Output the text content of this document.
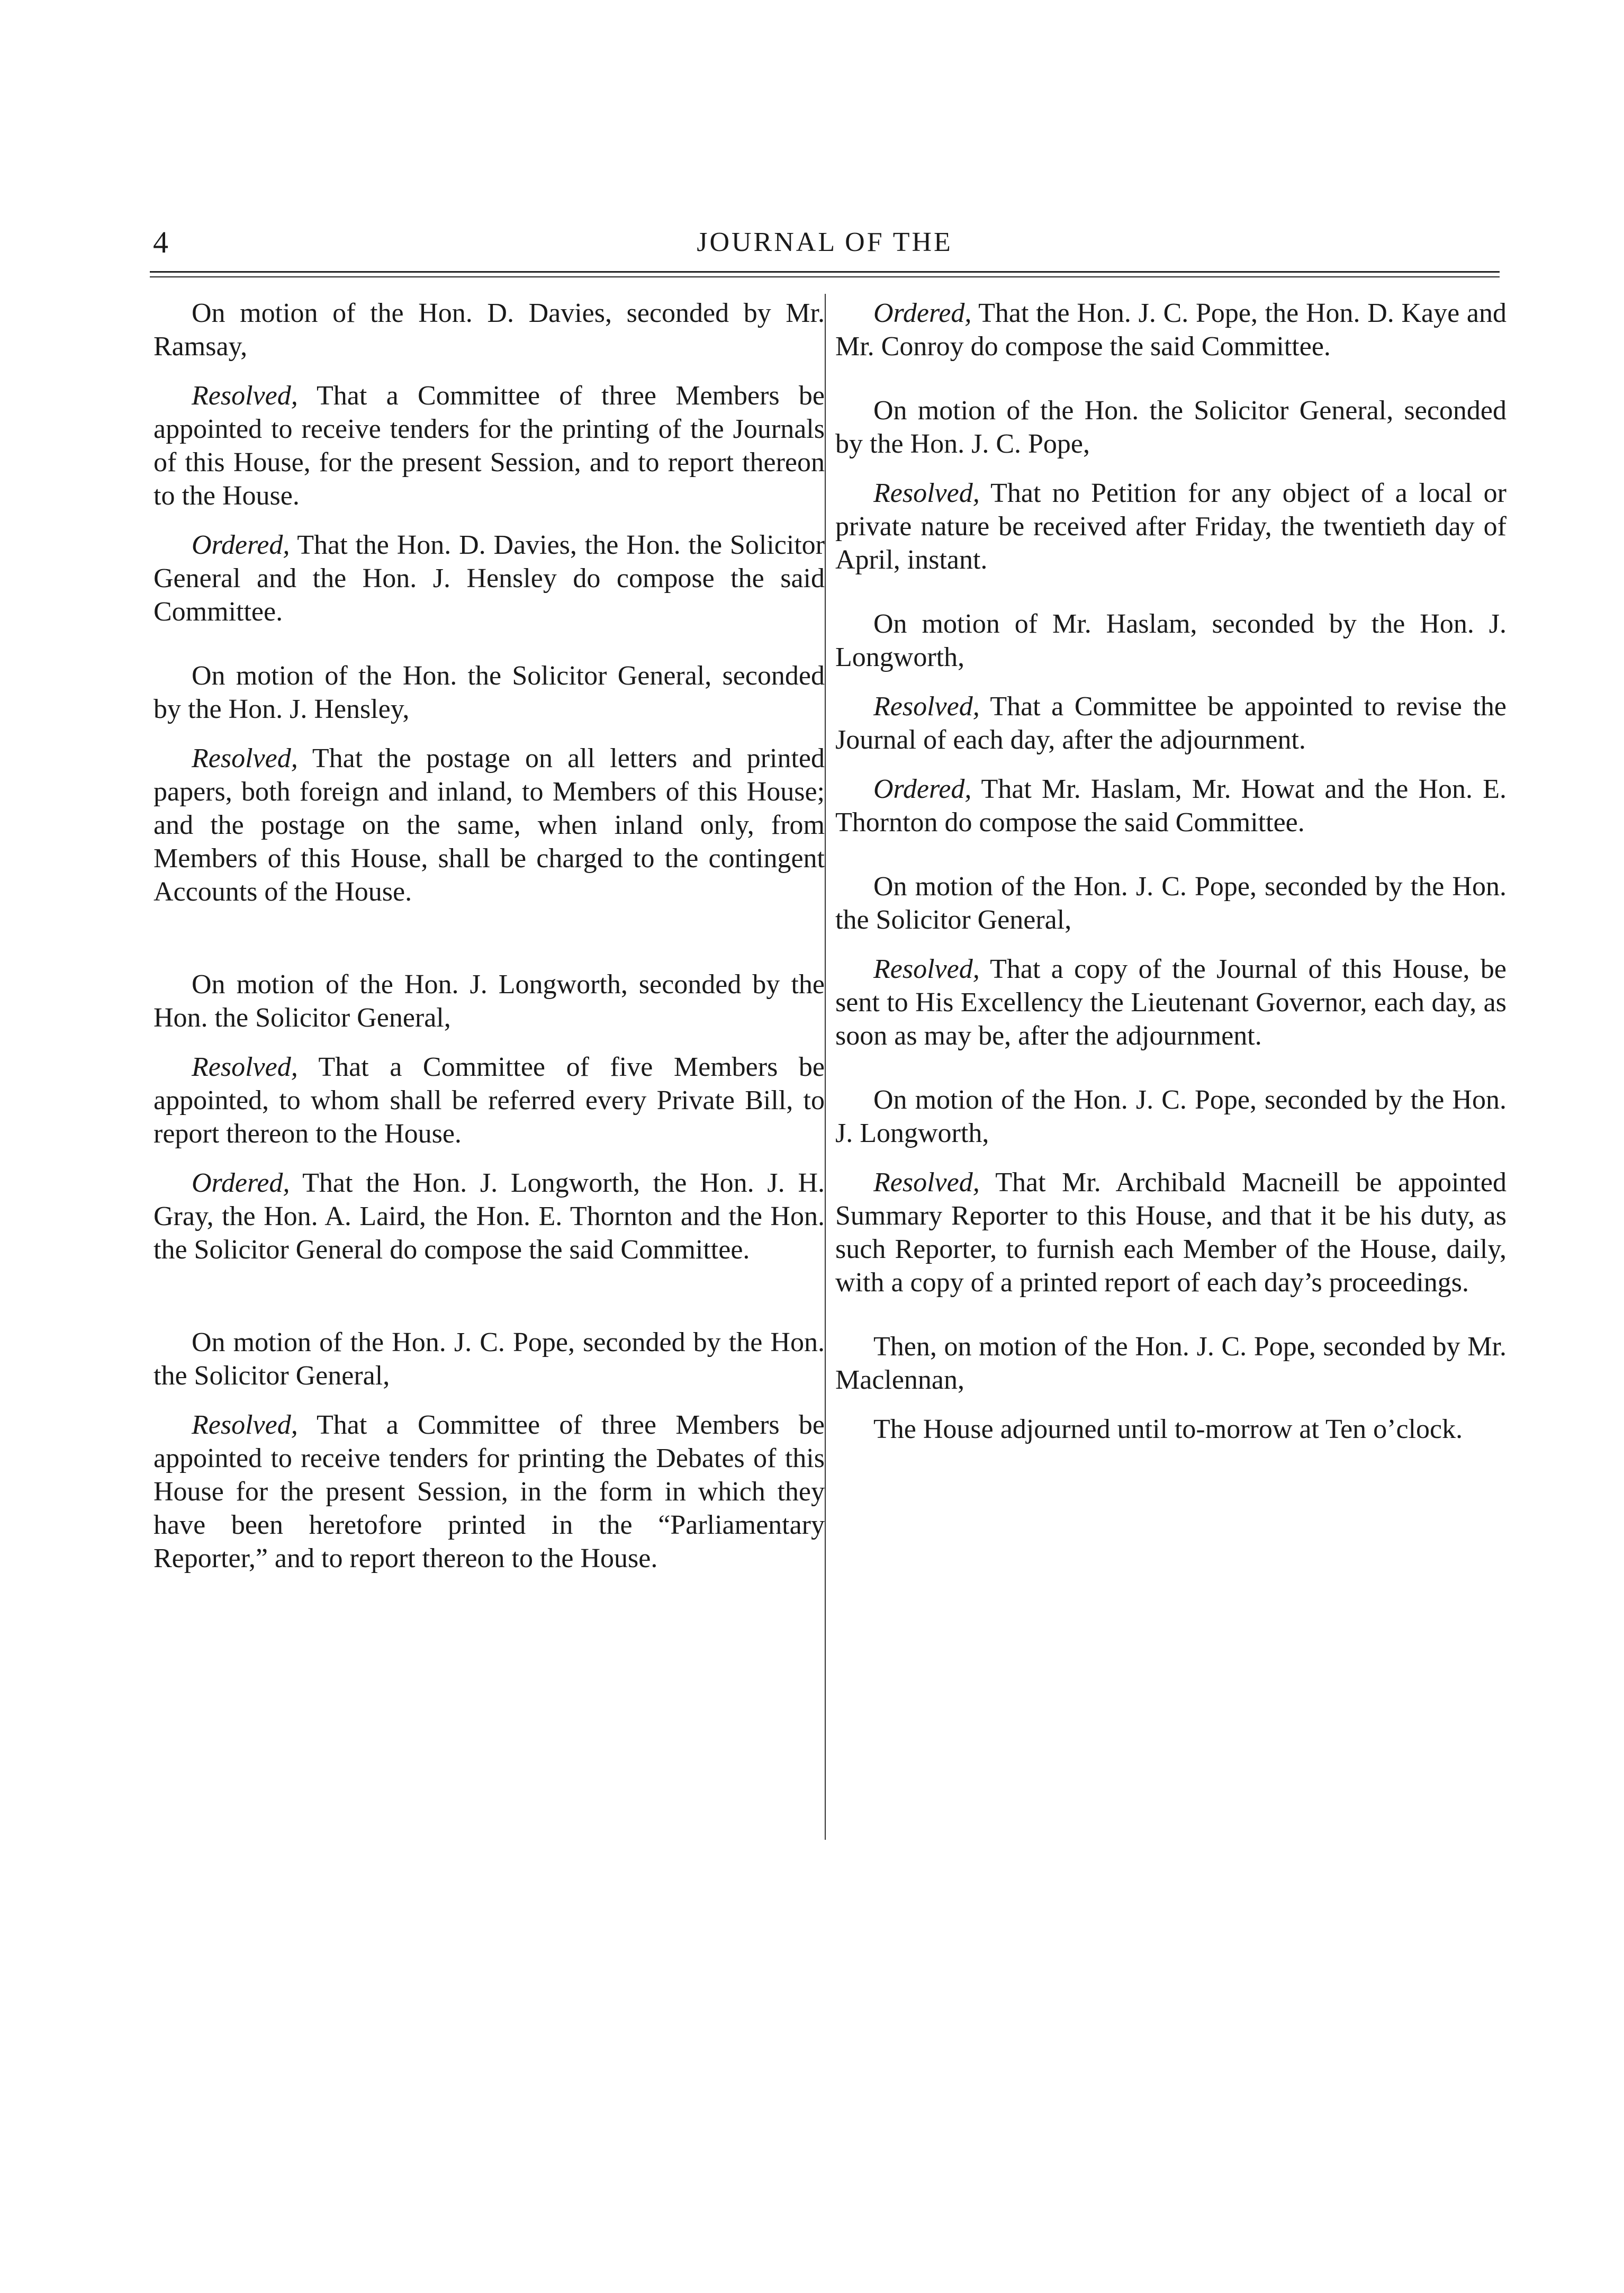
4	JOURNAL OF THE

On motion of the Hon. D. Davies, seconded by Mr. Ramsay,

Resolved, That a Committee of three Members be appointed to receive tenders for the printing of the Journals of this House, for the present Session, and to report thereon to the House.

Ordered, That the Hon. D. Davies, the Hon. the Solicitor General and the Hon. J. Hensley do compose the said Committee.

On motion of the Hon. the Solicitor General, seconded by the Hon. J. Hensley,

Resolved, That the postage on all letters and printed papers, both foreign and inland, to Members of this House; and the postage on the same, when inland only, from Members of this House, shall be charged to the contingent Accounts of the House.

On motion of the Hon. J. Longworth, seconded by the Hon. the Solicitor General,

Resolved, That a Committee of five Members be appointed, to whom shall be referred every Private Bill, to report thereon to the House.

Ordered, That the Hon. J. Longworth, the Hon. J. H. Gray, the Hon. A. Laird, the Hon. E. Thornton and the Hon. the Solicitor General do compose the said Committee.

On motion of the Hon. J. C. Pope, seconded by the Hon. the Solicitor General,

Resolved, That a Committee of three Members be appointed to receive tenders for printing the Debates of this House for the present Session, in the form in which they have been heretofore printed in the “Parliamentary Reporter,” and to report thereon to the House.

Ordered, That the Hon. J. C. Pope, the Hon. D. Kaye and Mr. Conroy do compose the said Committee.

On motion of the Hon. the Solicitor General, seconded by the Hon. J. C. Pope,

Resolved, That no Petition for any object of a local or private nature be received after Friday, the twentieth day of April, instant.

On motion of Mr. Haslam, seconded by the Hon. J. Longworth,

Resolved, That a Committee be appointed to revise the Journal of each day, after the adjournment.

Ordered, That Mr. Haslam, Mr. Howat and the Hon. E. Thornton do compose the said Committee.

On motion of the Hon. J. C. Pope, seconded by the Hon. the Solicitor General,

Resolved, That a copy of the Journal of this House, be sent to His Excellency the Lieutenant Governor, each day, as soon as may be, after the adjournment.

On motion of the Hon. J. C. Pope, seconded by the Hon. J. Longworth,

Resolved, That Mr. Archibald Macneill be appointed Summary Reporter to this House, and that it be his duty, as such Reporter, to furnish each Member of the House, daily, with a copy of a printed report of each day’s proceedings.

Then, on motion of the Hon. J. C. Pope, seconded by Mr. Maclennan,

The House adjourned until to-morrow at Ten o’clock.
